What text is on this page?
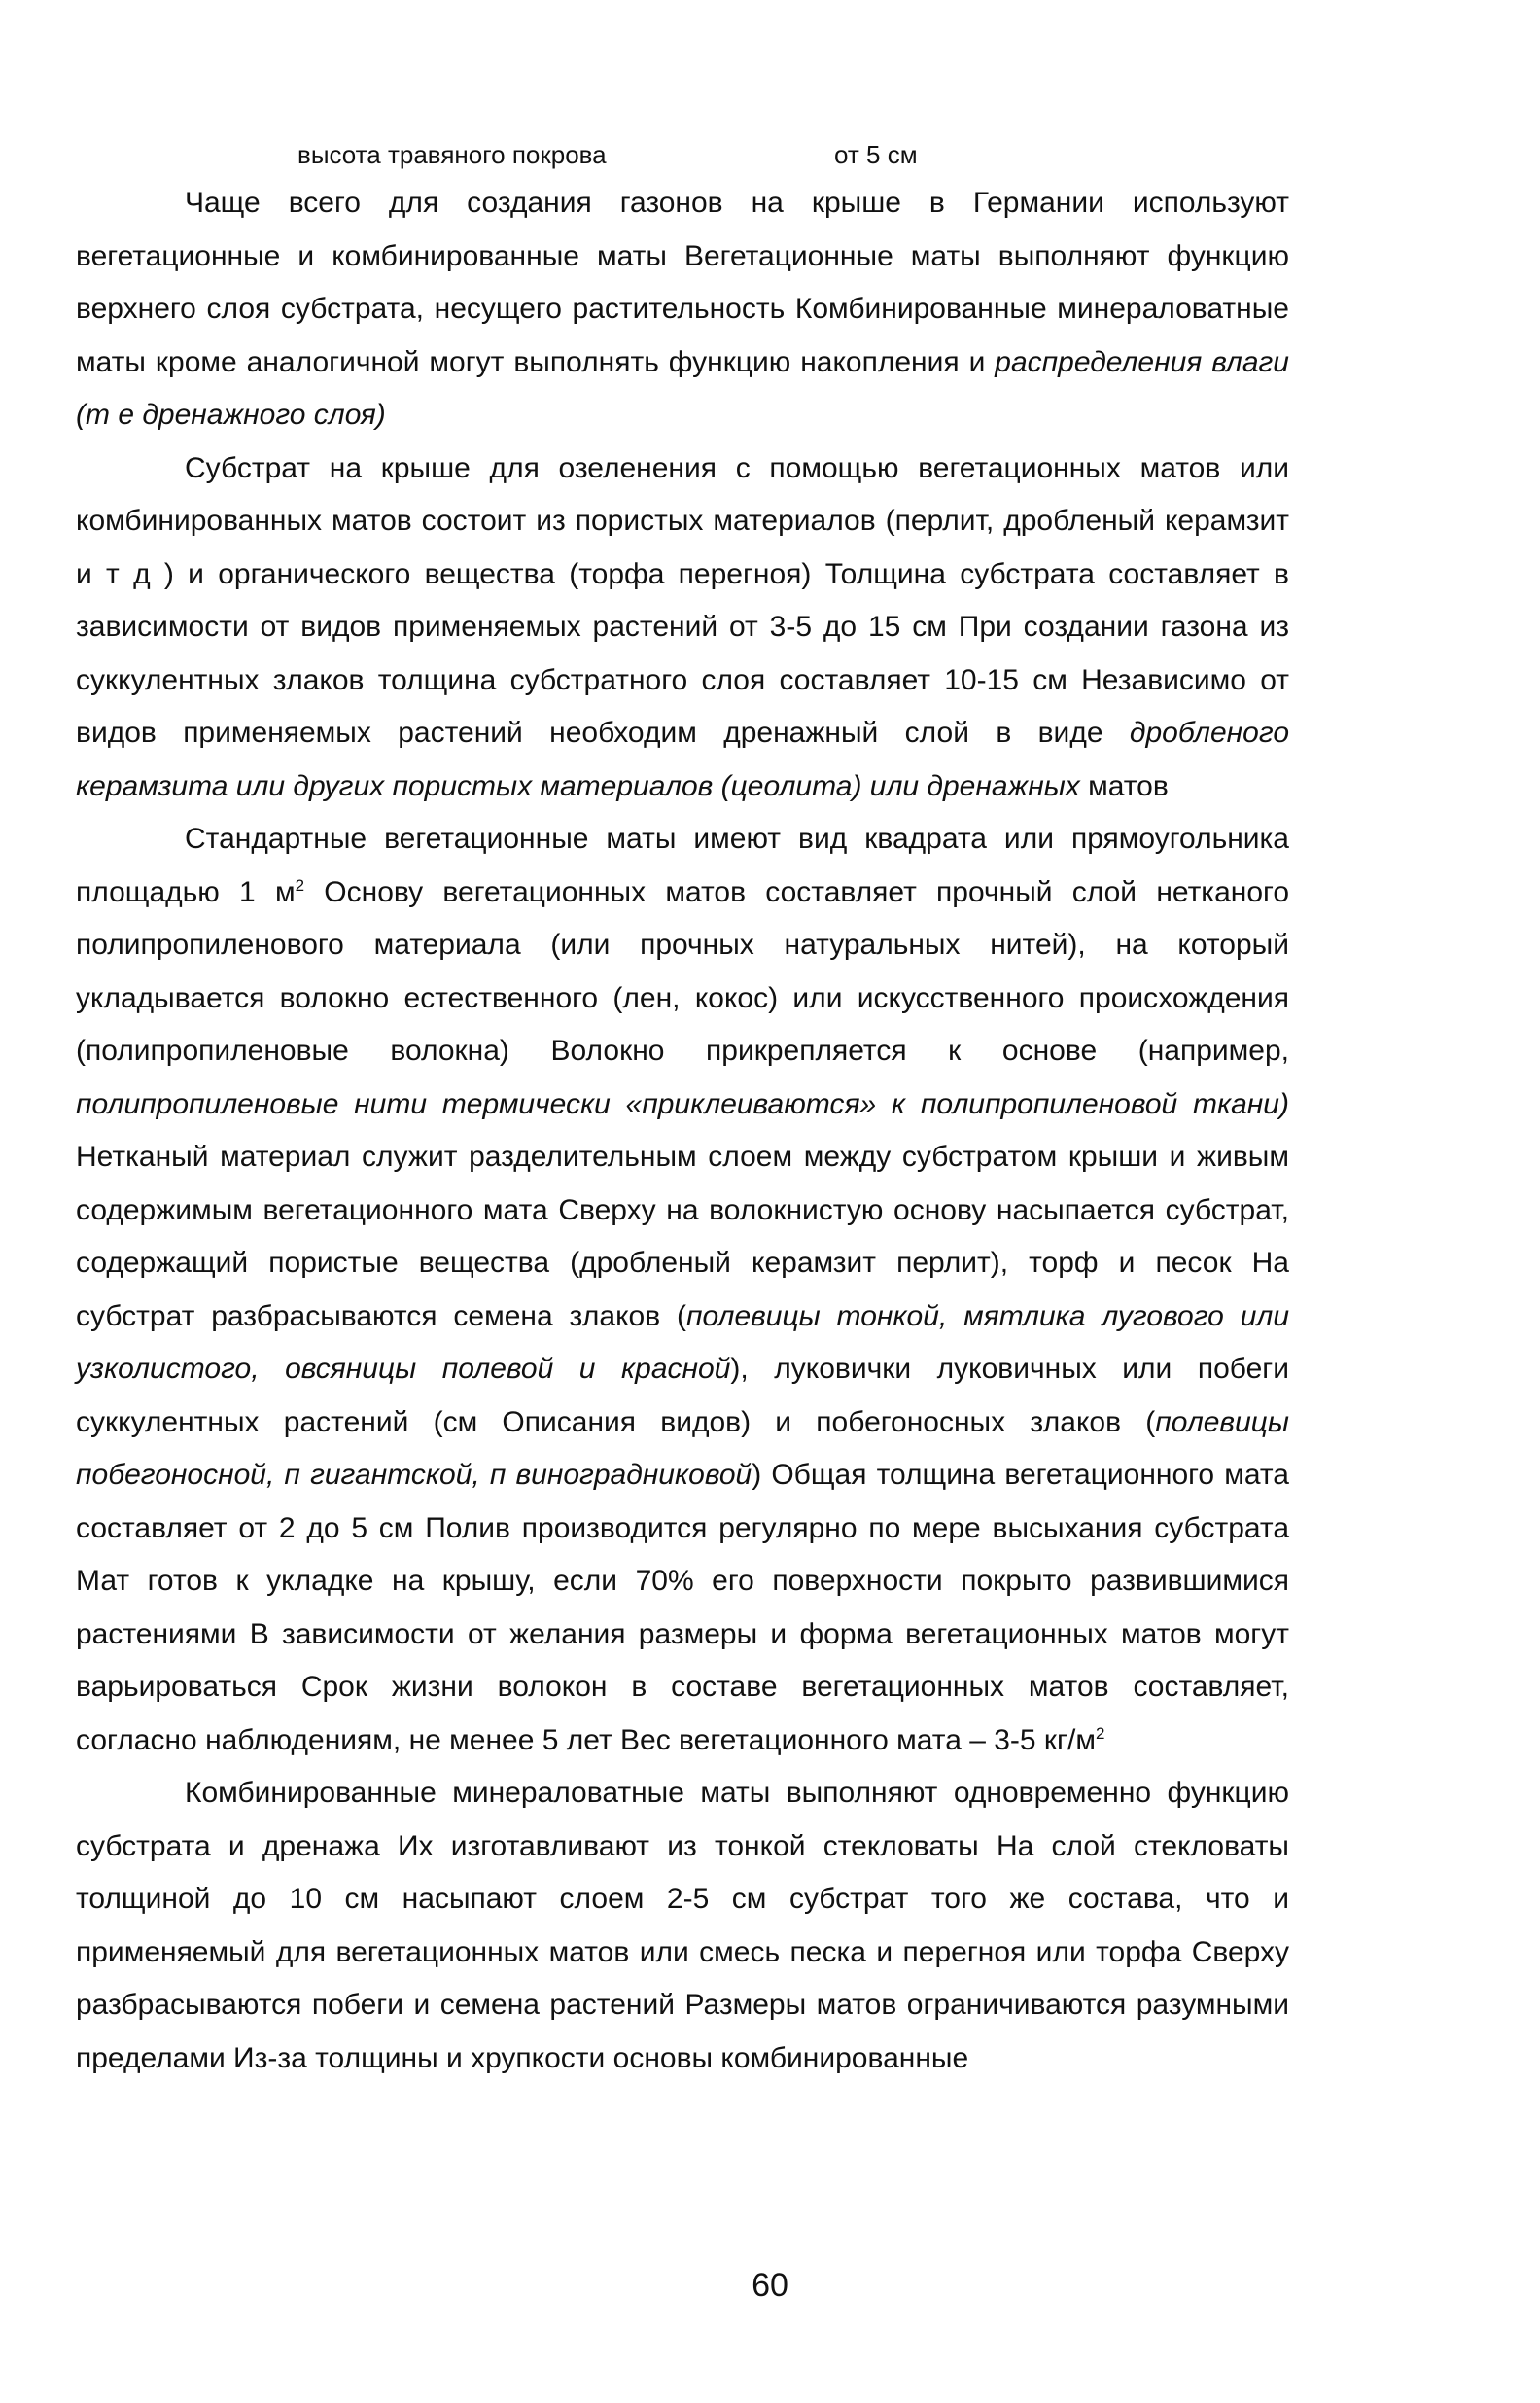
высота травяного покрова	от 5 см

Чаще всего для создания газонов на крыше в Германии используют вегетационные и комбинированные маты Вегетационные маты выполняют функцию верхнего слоя субстрата, несущего растительность Комбинированные минераловатные маты кроме аналогичной могут выполнять функцию накопления и распределения влаги (т е дренажного слоя)

Субстрат на крыше для озеленения с помощью вегетационных матов или комбинированных матов состоит из пористых материалов (перлит, дробленый керамзит и т д ) и органического вещества (торфа перегноя) Толщина субстрата составляет в зависимости от видов применяемых растений от 3-5 до 15 см При создании газона из суккулентных злаков толщина субстратного слоя составляет 10-15 см Независимо от видов применяемых растений необходим дренажный слой в виде дробленого керамзита или других пористых материалов (цеолита) или дренажных матов

Стандартные вегетационные маты имеют вид квадрата или прямоугольника площадью 1 $м^2$ Основу вегетационных матов составляет прочный слой нетканого полипропиленового материала (или прочных натуральных нитей), на который укладывается волокно естественного (лен, кокос) или искусственного происхождения (полипропиленовые волокна) Волокно прикрепляется к основе (например, полипропиленовые нити термически «приклеиваются» к полипропиленовой ткани) Нетканый материал служит разделительным слоем между субстратом крыши и живым содержимым вегетационного мата Сверху на волокнистую основу насыпается субстрат, содержащий пористые вещества (дробленый керамзит перлит), торф и песок На субстрат разбрасываются семена злаков (полевицы тонкой, мятлика лугового или узколистого, овсяницы полевой и красной), луковички луковичных или побеги суккулентных растений (см Описания видов) и побегоносных злаков (полевицы побегоносной, п гигантской, п виноградниковой) Общая толщина вегетационного мата составляет от 2 до 5 см Полив производится регулярно по мере высыхания субстрата Мат готов к укладке на крышу, если 70% его поверхности покрыто развившимися растениями В зависимости от желания размеры и форма вегетационных матов могут варьироваться Срок жизни волокон в составе вегетационных матов составляет, согласно наблюдениям, не менее 5 лет Вес вегетационного мата – 3-5 $кг/м^2$

Комбинированные минераловатные маты выполняют одновременно функцию субстрата и дренажа Их изготавливают из тонкой стекловаты На слой стекловаты толщиной до 10 см насыпают слоем 2-5 см субстрат того же состава, что и применяемый для вегетационных матов или смесь песка и перегноя или торфа Сверху разбрасываются побеги и семена растений Размеры матов ограничиваются разумными пределами Из-за толщины и хрупкости основы комбинированные

60
